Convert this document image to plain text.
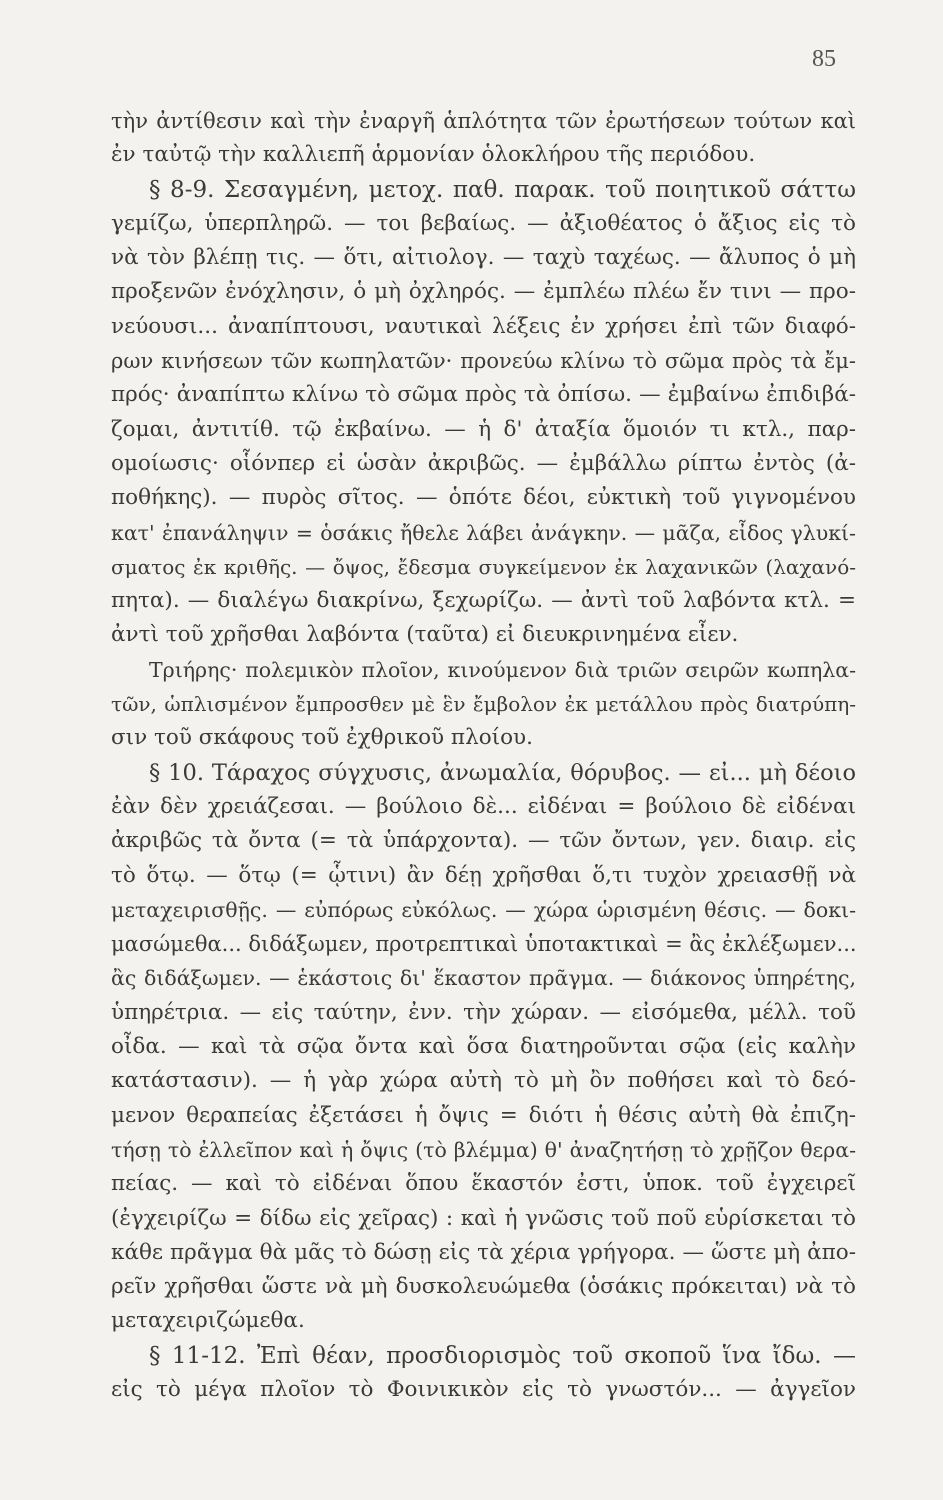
85
τὴν ἀντίθεσιν καὶ τὴν ἐναργῆ ἁπλότητα τῶν ἐρωτήσεων τούτων καὶ
ἐν ταὐτῷ τὴν καλλιεπῆ ἁρμονίαν ὁλοκλήρου τῆς περιόδου.
§ 8-9. Σεσαγμένη, μετοχ. παθ. παρακ. τοῦ ποιητικοῦ σάττω
γεμίζω, ὑπερπληρῶ. — τοι βεβαίως. — ἀξιοθέατος ὁ ἄξιος εἰς τὸ
νὰ τὸν βλέπῃ τις. — ὅτι, αἰτιολογ. — ταχὺ ταχέως. — ἄλυπος ὁ μὴ
προξενῶν ἐνόχλησιν, ὁ μὴ ὀχληρός. — ἐμπλέω πλέω ἔν τινι — προ-
νεύουσι... ἀναπίπτουσι, ναυτικαὶ λέξεις ἐν χρήσει ἐπὶ τῶν διαφό-
ρων κινήσεων τῶν κωπηλατῶν· προνεύω κλίνω τὸ σῶμα πρὸς τὰ ἔμ-
πρός· ἀναπίπτω κλίνω τὸ σῶμα πρὸς τὰ ὀπίσω. — ἐμβαίνω ἐπιδιβά-
ζομαι, ἀντιτίθ. τῷ ἐκβαίνω. — ἡ δ' ἀταξία ὅμοιόν τι κτλ., παρ-
ομοίωσις· οἷόνπερ εἰ ὡσὰν ἀκριβῶς. — ἐμβάλλω ρίπτω ἐντὸς (ἀ-
ποθήκης). — πυρὸς σῖτος. — ὁπότε δέοι, εὐκτικὴ τοῦ γιγνομένου
κατ' ἐπανάληψιν = ὁσάκις ἤθελε λάβει ἀνάγκην. — μᾶζα, εἶδος γλυκί-
σματος ἐκ κριθῆς. — ὄψος, ἔδεσμα συγκείμενον ἐκ λαχανικῶν (λαχανό-
πητα). — διαλέγω διακρίνω, ξεχωρίζω. — ἀντὶ τοῦ λαβόντα κτλ. =
ἀντὶ τοῦ χρῆσθαι λαβόντα (ταῦτα) εἰ διευκρινημένα εἶεν.
Τριήρης· πολεμικὸν πλοῖον, κινούμενον διὰ τριῶν σειρῶν κωπηλα-
τῶν, ὡπλισμένον ἔμπροσθεν μὲ ἓν ἔμβολον ἐκ μετάλλου πρὸς διατρύπη-
σιν τοῦ σκάφους τοῦ ἐχθρικοῦ πλοίου.
§ 10. Τάραχος σύγχυσις, ἀνωμαλία, θόρυβος. — εἰ... μὴ δέοιο
ἐὰν δὲν χρειάζεσαι. — βούλοιο δὲ... εἰδέναι = βούλοιο δὲ εἰδέναι
ἀκριβῶς τὰ ὄντα (= τὰ ὑπάρχοντα). — τῶν ὄντων, γεν. διαιρ. εἰς
τὸ ὅτῳ. — ὅτῳ (= ᾧτινι) ἂν δέῃ χρῆσθαι ὅ,τι τυχὸν χρειασθῇ νὰ
μεταχειρισθῇς. — εὐπόρως εὐκόλως. — χώρα ὡρισμένη θέσις. — δοκι-
μασώμεθα... διδάξωμεν, προτρεπτικαὶ ὑποτακτικαὶ = ἂς ἐκλέξωμεν...
ἂς διδάξωμεν. — ἑκάστοις δι' ἕκαστον πρᾶγμα. — διάκονος ὑπηρέτης,
ὑπηρέτρια. — εἰς ταύτην, ἐνν. τὴν χώραν. — εἰσόμεθα, μέλλ. τοῦ
οἶδα. — καὶ τὰ σῷα ὄντα καὶ ὅσα διατηροῦνται σῷα (εἰς καλὴν
κατάστασιν). — ἡ γὰρ χώρα αὐτὴ τὸ μὴ ὂν ποθήσει καὶ τὸ δεό-
μενον θεραπείας ἐξετάσει ἡ ὄψις = διότι ἡ θέσις αὐτὴ θὰ ἐπιζη-
τήσῃ τὸ ἐλλεῖπον καὶ ἡ ὄψις (τὸ βλέμμα) θ' ἀναζητήσῃ τὸ χρῇζον θερα-
πείας. — καὶ τὸ εἰδέναι ὅπου ἕκαστόν ἐστι, ὑποκ. τοῦ ἐγχειρεῖ
(ἐγχειρίζω = δίδω εἰς χεῖρας) : καὶ ἡ γνῶσις τοῦ ποῦ εὑρίσκεται τὸ
κάθε πρᾶγμα θὰ μᾶς τὸ δώσῃ εἰς τὰ χέρια γρήγορα. — ὥστε μὴ ἀπο-
ρεῖν χρῆσθαι ὥστε νὰ μὴ δυσκολευώμεθα (ὁσάκις πρόκειται) νὰ τὸ
μεταχειριζώμεθα.
§ 11-12. Ἐπὶ θέαν, προσδιορισμὸς τοῦ σκοποῦ ἵνα ἴδω. —
εἰς τὸ μέγα πλοῖον τὸ Φοινικικὸν εἰς τὸ γνωστόν... — ἀγγεῖον
